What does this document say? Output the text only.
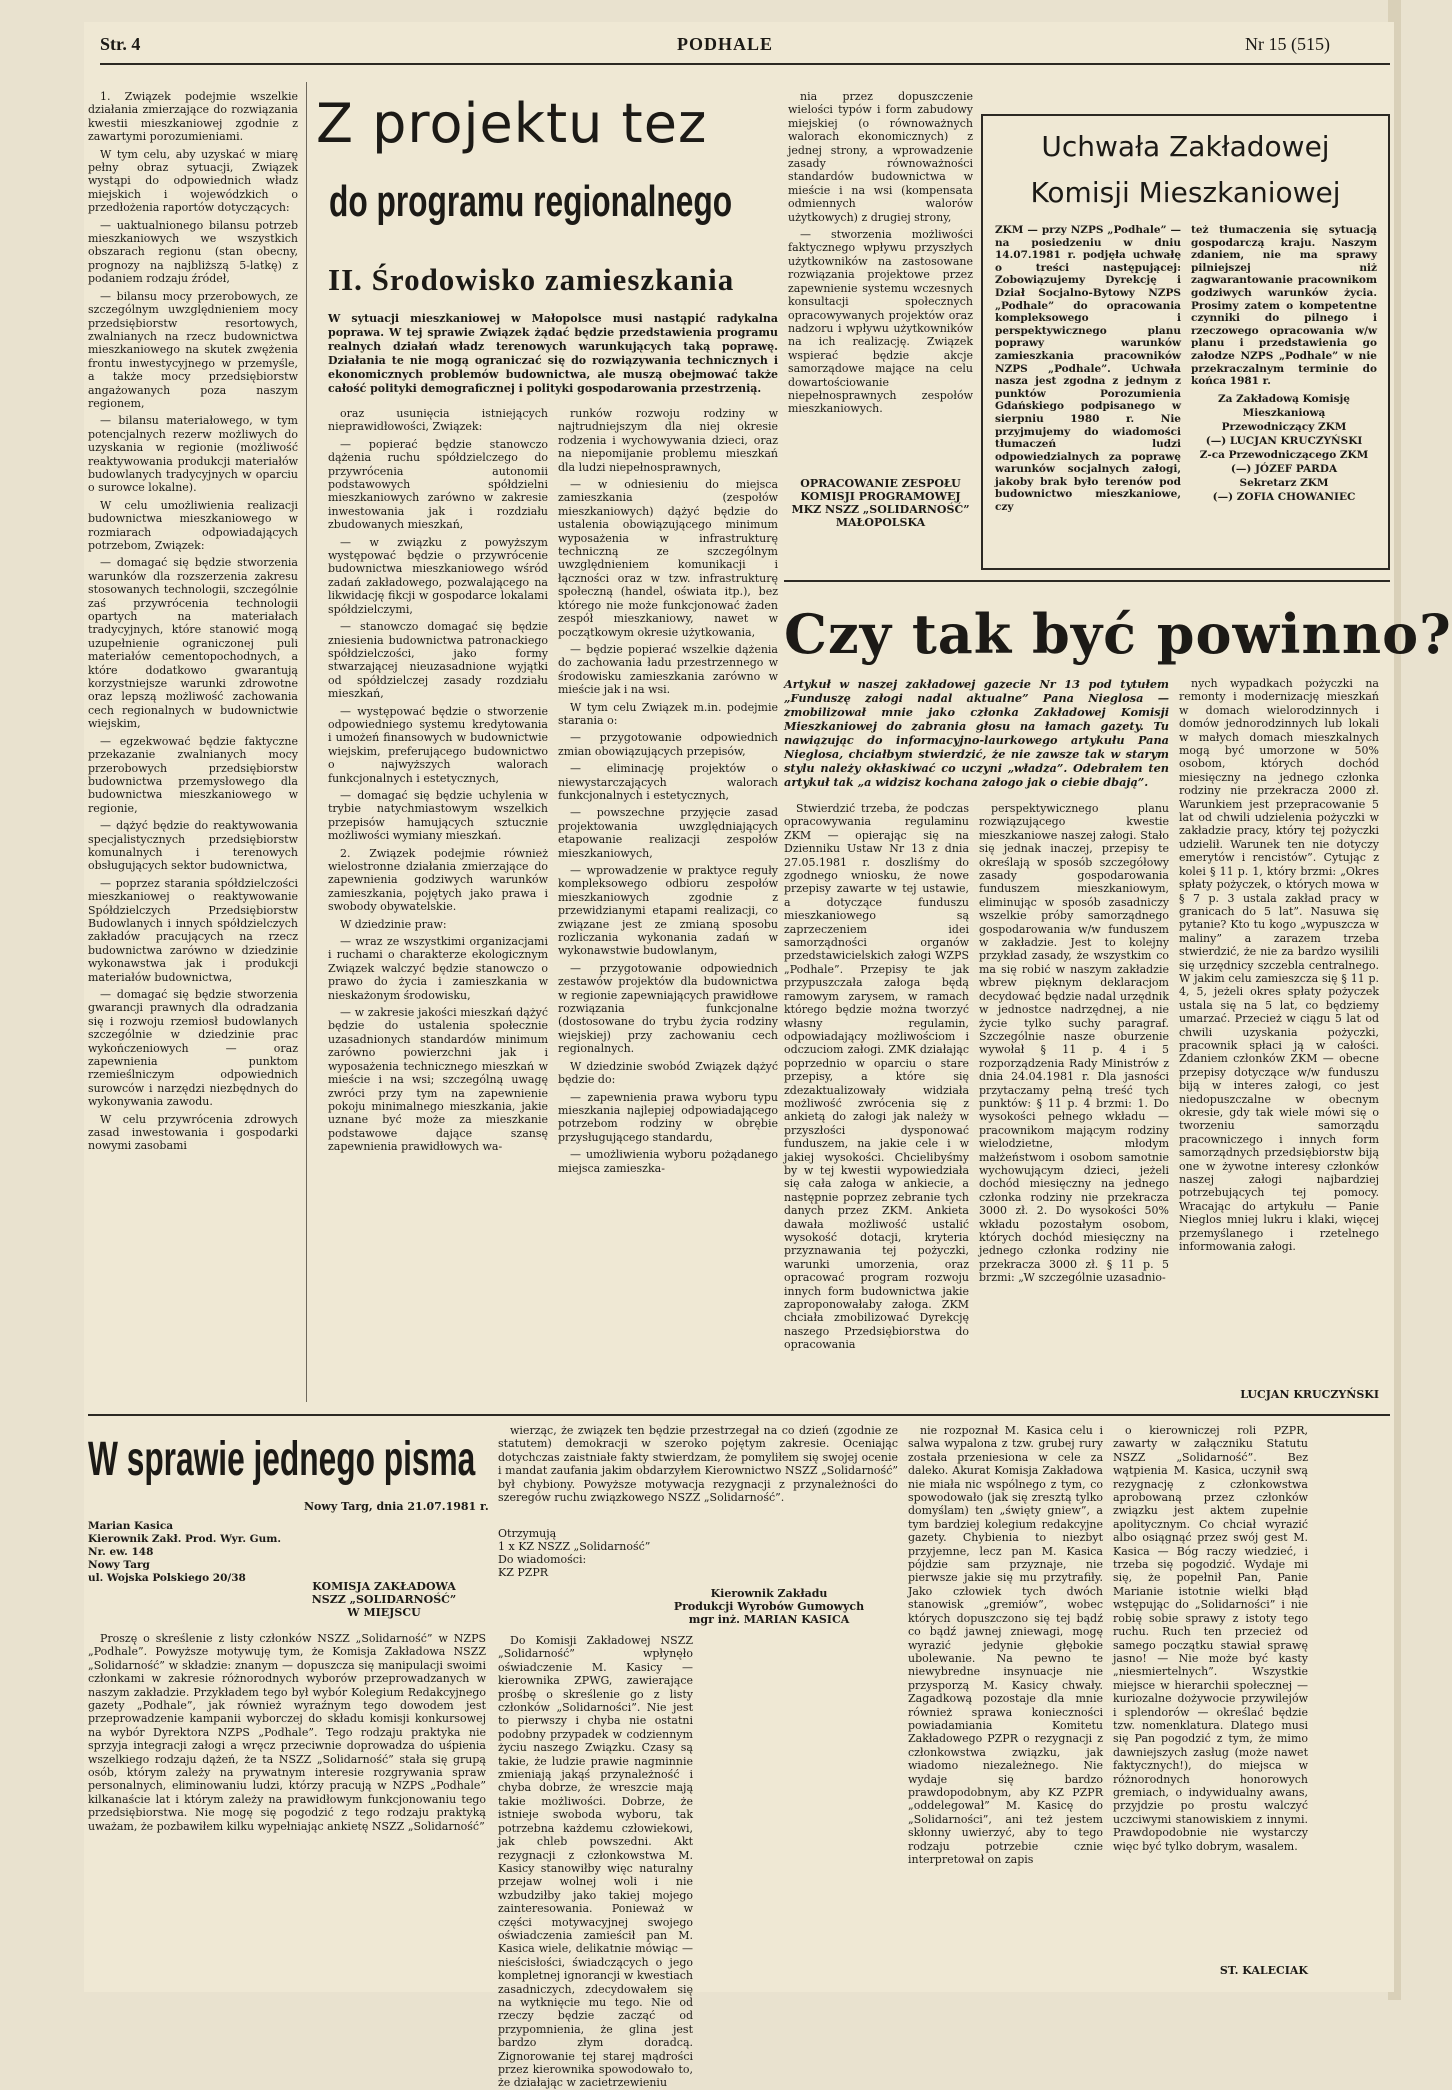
Str. 4	PODHALE	Nr 15 (515)

1. Związek podejmie wszelkie działania zmierzające do rozwiązania kwestii mieszkaniowej zgodnie z zawartymi porozumieniami.

W tym celu, aby uzyskać w miarę pełny obraz sytuacji, Związek wystąpi do odpowiednich władz miejskich i wojewódzkich o przedłożenia raportów dotyczących:

— uaktualnionego bilansu potrzeb mieszkaniowych we wszystkich obszarach regionu (stan obecny, prognozy na najbliższą 5-latkę) z podaniem rodzaju źródeł,

— bilansu mocy przerobowych, ze szczególnym uwzględnieniem mocy przedsiębiorstw resortowych, zwalnianych na rzecz budownictwa mieszkaniowego na skutek zwężenia frontu inwestycyjnego w przemyśle, a także mocy przedsiębiorstw angażowanych poza naszym regionem,

— bilansu materiałowego, w tym potencjalnych rezerw możliwych do uzyskania w regionie (możliwość reaktywowania produkcji materiałów budowlanych tradycyjnych w oparciu o surowce lokalne).

W celu umożliwienia realizacji budownictwa mieszkaniowego w rozmiarach odpowiadających potrzebom, Związek:

— domagać się będzie stworzenia warunków dla rozszerzenia zakresu stosowanych technologii, szczególnie zaś przywrócenia technologii opartych na materiałach tradycyjnych, które stanowić mogą uzupełnienie ograniczonej puli materiałów cementopochodnych, a które dodatkowo gwarantują korzystniejsze warunki zdrowotne oraz lepszą możliwość zachowania cech regionalnych w budownictwie wiejskim,

— egzekwować będzie faktyczne przekazanie zwalnianych mocy przerobowych przedsiębiorstw budownictwa przemysłowego dla budownictwa mieszkaniowego w regionie,

— dążyć będzie do reaktywowania specjalistycznych przedsiębiorstw komunalnych i terenowych obsługujących sektor budownictwa,

— poprzez starania spółdzielczości mieszkaniowej o reaktywowanie Spółdzielczych Przedsiębiorstw Budowlanych i innych spółdzielczych zakładów pracujących na rzecz budownictwa zarówno w dziedzinie wykonawstwa jak i produkcji materiałów budownictwa,

— domagać się będzie stworzenia gwarancji prawnych dla odradzania się i rozwoju rzemiosł budowlanych szczególnie w dziedzinie prac wykończeniowych — oraz zapewnienia punktom rzemieślniczym odpowiednich surowców i narzędzi niezbędnych do wykonywania zawodu.

W celu przywrócenia zdrowych zasad inwestowania i gospodarki nowymi zasobami

Z projektu tez
do programu regionalnego
II. Środowisko zamieszkania
W sytuacji mieszkaniowej w Małopolsce musi nastąpić radykalna poprawa. W tej sprawie Związek żądać będzie przedstawienia programu realnych działań władz terenowych warunkujących taką poprawę. Działania te nie mogą ograniczać się do rozwiązywania technicznych i ekonomicznych problemów budownictwa, ale muszą obejmować także całość polityki demograficznej i polityki gospodarowania przestrzenią.

oraz usunięcia istniejących nieprawidłowości, Związek:

— popierać będzie stanowczo dążenia ruchu spółdzielczego do przywrócenia autonomii podstawowych spółdzielni mieszkaniowych zarówno w zakresie inwestowania jak i rozdziału zbudowanych mieszkań,

— w związku z powyższym występować będzie o przywrócenie budownictwa mieszkaniowego wśród zadań zakładowego, pozwalającego na likwidację fikcji w gospodarce lokalami spółdzielczymi,

— stanowczo domagać się będzie zniesienia budownictwa patronackiego spółdzielczości, jako formy stwarzającej nieuzasadnione wyjątki od spółdzielczej zasady rozdziału mieszkań,

— występować będzie o stworzenie odpowiedniego systemu kredytowania i umożeń finansowych w budownictwie wiejskim, preferującego budownictwo o najwyższych walorach funkcjonalnych i estetycznych,

— domagać się będzie uchylenia w trybie natychmiastowym wszelkich przepisów hamujących sztucznie możliwości wymiany mieszkań.

2. Związek podejmie również wielostronne działania zmierzające do zapewnienia godziwych warunków zamieszkania, pojętych jako prawa i swobody obywatelskie.

W dziedzinie praw:

— wraz ze wszystkimi organizacjami i ruchami o charakterze ekologicznym Związek walczyć będzie stanowczo o prawo do życia i zamieszkania w nieskażonym środowisku,

— w zakresie jakości mieszkań dążyć będzie do ustalenia społecznie uzasadnionych standardów minimum zarówno powierzchni jak i wyposażenia technicznego mieszkań w mieście i na wsi; szczególną uwagę zwróci przy tym na zapewnienie pokoju minimalnego mieszkania, jakie uznane być może za mieszkanie podstawowe dające szansę zapewnienia prawidłowych wa-

runków rozwoju rodziny w najtrudniejszym dla niej okresie rodzenia i wychowywania dzieci, oraz na niepomijanie problemu mieszkań dla ludzi niepełnosprawnych,

— w odniesieniu do miejsca zamieszkania (zespołów mieszkaniowych) dążyć będzie do ustalenia obowiązującego minimum wyposażenia w infrastrukturę techniczną ze szczególnym uwzględnieniem komunikacji i łączności oraz w tzw. infrastrukturę społeczną (handel, oświata itp.), bez którego nie może funkcjonować żaden zespół mieszkaniowy, nawet w początkowym okresie użytkowania,

— będzie popierać wszelkie dążenia do zachowania ładu przestrzennego w środowisku zamieszkania zarówno w mieście jak i na wsi.

W tym celu Związek m.in. podejmie starania o:

— przygotowanie odpowiednich zmian obowiązujących przepisów,

— eliminację projektów o niewystarczających walorach funkcjonalnych i estetycznych,

— powszechne przyjęcie zasad projektowania uwzględniających etapowanie realizacji zespołów mieszkaniowych,

— wprowadzenie w praktyce reguły kompleksowego odbioru zespołów mieszkaniowych zgodnie z przewidzianymi etapami realizacji, co związane jest ze zmianą sposobu rozliczania wykonania zadań w wykonawstwie budowlanym,

— przygotowanie odpowiednich zestawów projektów dla budownictwa w regionie zapewniających prawidłowe rozwiązania funkcjonalne (dostosowane do trybu życia rodziny wiejskiej) przy zachowaniu cech regionalnych.

W dziedzinie swobód Związek dążyć będzie do:

— zapewnienia prawa wyboru typu mieszkania najlepiej odpowiadającego potrzebom rodziny w obrębie przysługującego standardu,

— umożliwienia wyboru pożądanego miejsca zamieszka-

nia przez dopuszczenie wielości typów i form zabudowy miejskiej (o równoważnych walorach ekonomicznych) z jednej strony, a wprowadzenie zasady równoważności standardów budownictwa w mieście i na wsi (kompensata odmiennych walorów użytkowych) z drugiej strony,

— stworzenia możliwości faktycznego wpływu przyszłych użytkowników na zastosowane rozwiązania projektowe przez zapewnienie systemu wczesnych konsultacji społecznych opracowywanych projektów oraz nadzoru i wpływu użytkowników na ich realizację. Związek wspierać będzie akcje samorządowe mające na celu dowartościowanie niepełnosprawnych zespołów mieszkaniowych.

OPRACOWANIE ZESPOŁU KOMISJI PROGRAMOWEJ MKZ NSZZ „SOLIDARNOŚĆ” MAŁOPOLSKA
Uchwała Zakładowej
Komisji Mieszkaniowej
ZKM — przy NZPS „Podhale” — na posiedzeniu w dniu 14.07.1981 r. podjęła uchwałę o treści następującej: Zobowiązujemy Dyrekcję i Dział Socjalno-Bytowy NZPS „Podhale” do opracowania kompleksowego i perspektywicznego planu poprawy warunków zamieszkania pracowników NZPS „Podhale”. Uchwała nasza jest zgodna z jednym z punktów Porozumienia Gdańskiego podpisanego w sierpniu 1980 r. Nie przyjmujemy do wiadomości tłumaczeń ludzi odpowiedzialnych za poprawę warunków socjalnych załogi, jakoby brak było terenów pod budownictwo mieszkaniowe, czy
też tłumaczenia się sytuacją gospodarczą kraju. Naszym zdaniem, nie ma sprawy pilniejszej niż zagwarantowanie pracownikom godziwych warunków życia. Prosimy zatem o kompetentne czynniki do pilnego i rzeczowego opracowania w/w planu i przedstawienia go załodze NZPS „Podhale” w nie przekraczalnym terminie do końca 1981 r.
Za Zakładową Komisję Mieszkaniową
Przewodniczący ZKM
(—) LUCJAN KRUCZYŃSKI
Z-ca Przewodniczącego ZKM
(—) JÓZEF PARDA
Sekretarz ZKM
(—) ZOFIA CHOWANIEC
Czy tak być powinno?
Artykuł w naszej zakładowej gazecie Nr 13 pod tytułem „Funduszę załogi nadal aktualne” Pana Nieglosa — zmobilizował mnie jako członka Zakładowej Komisji Mieszkaniowej do zabrania głosu na łamach gazety. Tu nawiązując do informacyjno-laurkowego artykułu Pana Nieglosa, chciałbym stwierdzić, że nie zawsze tak w starym stylu należy okłaskiwać co uczyni „władza”. Odebrałem ten artykuł tak „a widzisz kochana załogo jak o ciebie dbają”.
Stwierdzić trzeba, że podczas opracowywania regulaminu ZKM — opierając się na Dzienniku Ustaw Nr 13 z dnia 27.05.1981 r. doszliśmy do zgodnego wniosku, że nowe przepisy zawarte w tej ustawie, a dotyczące funduszu mieszkaniowego są zaprzeczeniem idei samorządności organów przedstawicielskich załogi WZPS „Podhale”. Przepisy te jak przypuszczała załoga będą ramowym zarysem, w ramach którego będzie można tworzyć własny regulamin, odpowiadający możliwościom i odczuciom załogi. ZMK działając poprzednio w oparciu o stare przepisy, a które się zdezaktualizowały widziała możliwość zwrócenia się z ankietą do załogi jak należy w przyszłości dysponować funduszem, na jakie cele i w jakiej wysokości. Chcielibyśmy by w tej kwestii wypowiedziała się cała załoga w ankiecie, a następnie poprzez zebranie tych danych przez ZKM. Ankieta dawała możliwość ustalić wysokość dotacji, kryteria przyznawania tej pożyczki, warunki umorzenia, oraz opracować program rozwoju innych form budownictwa jakie zaproponowałaby załoga. ZKM chciała zmobilizować Dyrekcję naszego Przedsiębiorstwa do opracowania
perspektywicznego planu rozwiązującego kwestie mieszkaniowe naszej załogi. Stało się jednak inaczej, przepisy te określają w sposób szczegółowy zasady gospodarowania funduszem mieszkaniowym, eliminując w sposób zasadniczy wszelkie próby samorządnego gospodarowania w/w funduszem w zakładzie. Jest to kolejny przykład zasady, że wszystkim co ma się robić w naszym zakładzie wbrew pięknym deklaracjom decydować będzie nadal urzędnik w jednostce nadrzędnej, a nie życie tylko suchy paragraf. Szczególnie nasze oburzenie wywołał § 11 p. 4 i 5 rozporządzenia Rady Ministrów z dnia 24.04.1981 r. Dla jasności przytaczamy pełną treść tych punktów: § 11 p. 4 brzmi: 1. Do wysokości pełnego wkładu — pracownikom mającym rodziny wielodzietne, młodym małżeństwom i osobom samotnie wychowującym dzieci, jeżeli dochód miesięczny na jednego członka rodziny nie przekracza 3000 zł. 2. Do wysokości 50% wkładu pozostałym osobom, których dochód miesięczny na jednego członka rodziny nie przekracza 3000 zł. § 11 p. 5 brzmi: „W szczególnie uzasadnio-
nych wypadkach pożyczki na remonty i modernizację mieszkań w domach wielorodzinnych i domów jednorodzinnych lub lokali w małych domach mieszkalnych mogą być umorzone w 50% osobom, których dochód miesięczny na jednego członka rodziny nie przekracza 2000 zł. Warunkiem jest przepracowanie 5 lat od chwili udzielenia pożyczki w zakładzie pracy, który tej pożyczki udzielił. Warunek ten nie dotyczy emerytów i rencistów”. Cytując z kolei § 11 p. 1, który brzmi: „Okres spłaty pożyczek, o których mowa w § 7 p. 3 ustala zakład pracy w granicach do 5 lat”. Nasuwa się pytanie? Kto tu kogo „wypuszcza w maliny” a zarazem trzeba stwierdzić, że nie za bardzo wysilili się urzędnicy szczebla centralnego. W jakim celu zamieszcza się § 11 p. 4, 5, jeżeli okres spłaty pożyczek ustala się na 5 lat, co będziemy umarzać. Przecież w ciągu 5 lat od chwili uzyskania pożyczki, pracownik spłaci ją w całości. Zdaniem członków ZKM — obecne przepisy dotyczące w/w funduszu biją w interes załogi, co jest niedopuszczalne w obecnym okresie, gdy tak wiele mówi się o tworzeniu samorządu pracowniczego i innych form samorządnych przedsiębiorstw biją one w żywotne interesy członków naszej załogi najbardziej potrzebujących tej pomocy. Wracając do artykułu — Panie Nieglos mniej lukru i klaki, więcej przemyślanego i rzetelnego informowania załogi.
LUCJAN KRUCZYŃSKI
W sprawie jednego pisma
Nowy Targ, dnia 21.07.1981 r.
Marian Kasica
Kierownik Zakł. Prod. Wyr. Gum.
Nr. ew. 148
Nowy Targ
ul. Wojska Polskiego 20/38
KOMISJA ZAKŁADOWA
NSZZ „SOLIDARNOŚĆ”
W MIEJSCU
Proszę o skreślenie z listy członków NSZZ „Solidarność” w NZPS „Podhale”. Powyższe motywuję tym, że Komisja Zakładowa NSZZ „Solidarność” w składzie: znanym — dopuszcza się manipulacji swoimi członkami w zakresie różnorodnych wyborów przeprowadzanych w naszym zakładzie. Przykładem tego był wybór Kolegium Redakcyjnego gazety „Podhale”, jak również wyraźnym tego dowodem jest przeprowadzenie kampanii wyborczej do składu komisji konkursowej na wybór Dyrektora NZPS „Podhale”. Tego rodzaju praktyka nie sprzyja integracji załogi a wręcz przeciwnie doprowadza do uśpienia wszelkiego rodzaju dążeń, że ta NSZZ „Solidarność” stała się grupą osób, którym zależy na prywatnym interesie rozgrywania spraw personalnych, eliminowaniu ludzi, którzy pracują w NZPS „Podhale” kilkanaście lat i którym zależy na prawidłowym funkcjonowaniu tego przedsiębiorstwa. Nie mogę się pogodzić z tego rodzaju praktyką uważam, że pozbawiłem kilku wypełniając ankietę NSZZ „Solidarność”
wierząc, że związek ten będzie przestrzegał na co dzień (zgodnie ze statutem) demokracji w szeroko pojętym zakresie. Oceniając dotychczas zaistniałe fakty stwierdzam, że pomyliłem się swojej ocenie i mandat zaufania jakim obdarzyłem Kierownictwo NSZZ „Solidarność” był chybiony. Powyższe motywacja rezygnacji z przynależności do szeregów ruchu związkowego NSZZ „Solidarność”.
Otrzymują
1 x KZ NSZZ „Solidarność”
Do wiadomości:
KZ PZPR
Kierownik Zakładu
Produkcji Wyrobów Gumowych
mgr inż. MARIAN KASICA
Do Komisji Zakładowej NSZZ „Solidarność” wpłynęło oświadczenie M. Kasicy — kierownika ZPWG, zawierające prośbę o skreślenie go z listy członków „Solidarności”. Nie jest to pierwszy i chyba nie ostatni podobny przypadek w codziennym życiu naszego Związku. Czasy są takie, że ludzie prawie nagminnie zmieniają jakąś przynależność i chyba dobrze, że wreszcie mają takie możliwości. Dobrze, że istnieje swoboda wyboru, tak potrzebna każdemu człowiekowi, jak chleb powszedni. Akt rezygnacji z członkowstwa M. Kasicy stanowiłby więc naturalny przejaw wolnej woli i nie wzbudziłby jako takiej mojego zainteresowania. Ponieważ w części motywacyjnej swojego oświadczenia zamieścił pan M. Kasica wiele, delikatnie mówiąc — nieścisłości, świadczących o jego kompletnej ignorancji w kwestiach zasadniczych, zdecydowałem się na wytknięcie mu tego. Nie od rzeczy będzie zacząć od przypomnienia, że glina jest bardzo złym doradcą. Zignorowanie tej starej mądrości przez kierownika spowodowało to, że działając w zacietrzewieniu
nie rozpoznał M. Kasica celu i salwa wypalona z tzw. grubej rury została przeniesiona w cele za daleko. Akurat Komisja Zakładowa nie miała nic wspólnego z tym, co spowodowało (jak się zresztą tylko domyślam) ten „święty gniew”, a tym bardziej kolegium redakcyjne gazety. Chybienia to niezbyt przyjemne, lecz pan M. Kasica pójdzie sam przyznaje, nie pierwsze jakie się mu przytrafiły. Jako człowiek tych dwóch stanowisk „gremiów”, wobec których dopuszczono się tej bądź co bądź jawnej zniewagi, mogę wyrazić jedynie głębokie ubolewanie. Na pewno te niewybredne insynuacje nie przysporzą M. Kasicy chwały. Zagadkową pozostaje dla mnie również sprawa konieczności powiadamiania Komitetu Zakładowego PZPR o rezygnacji z członkowstwa związku, jak wiadomo niezależnego. Nie wydaje się bardzo prawdopodobnym, aby KZ PZPR „oddelegował” M. Kasicę do „Solidarności”, ani też jestem skłonny uwierzyć, aby to tego rodzaju potrzebie cznie interpretował on zapis
o kierowniczej roli PZPR, zawarty w załączniku Statutu NSZZ „Solidarność”. Bez wątpienia M. Kasica, uczynił swą rezygnację z członkowstwa aprobowaną przez członków związku jest aktem zupełnie apolitycznym. Co chciał wyrazić albo osiągnąć przez swój gest M. Kasica — Bóg raczy wiedzieć, i trzeba się pogodzić. Wydaje mi się, że popełnił Pan, Panie Marianie istotnie wielki błąd wstępując do „Solidarności” i nie robię sobie sprawy z istoty tego ruchu. Ruch ten przecież od samego początku stawiał sprawę jasno! — Nie może być kasty „niesmiertelnych”. Wszystkie miejsce w hierarchii społecznej — kuriozalne dożywocie przywilejów i splendorów — określać będzie tzw. nomenklatura. Dlatego musi się Pan pogodzić z tym, że mimo dawniejszych zasług (może nawet faktycznych!), do miejsca w różnorodnych honorowych gremiach, o indywidualny awans, przyjdzie po prostu walczyć uczciwymi stanowiskiem z innymi. Prawdopodobnie nie wystarczy więc być tylko dobrym, wasalem.
ST. KALECIAK
